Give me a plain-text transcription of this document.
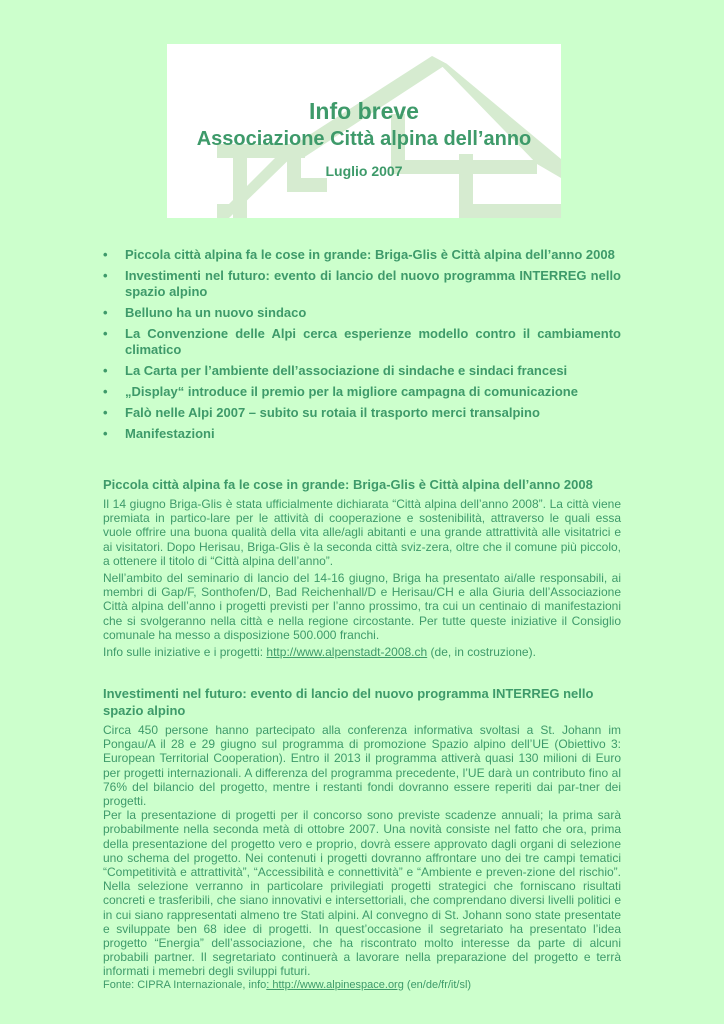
Info breve
Associazione Città alpina dell’anno
Luglio 2007
• Piccola città alpina fa le cose in grande: Briga-Glis è Città alpina dell’anno 2008
• Investimenti nel futuro: evento di lancio del nuovo programma INTERREG nello spazio alpino
• Belluno ha un nuovo sindaco
• La Convenzione delle Alpi cerca esperienze modello contro il cambiamento climatico
• La Carta per l’ambiente dell’associazione di sindache e sindaci francesi
• „Display“ introduce il premio per la migliore campagna di comunicazione
• Falò nelle Alpi 2007 – subito su rotaia il trasporto merci transalpino
• Manifestazioni
Piccola città alpina fa le cose in grande: Briga-Glis è Città alpina dell’anno 2008

Il 14 giugno Briga-Glis è stata ufficialmente dichiarata “Città alpina dell’anno 2008”. La città viene premiata in partico-lare per le attività di cooperazione e sostenibilità, attraverso le quali essa vuole offrire una buona qualità della vita alle/agli abitanti e una grande attrattività alle visitatrici e ai visitatori. Dopo Herisau, Briga-Glis è la seconda città sviz-zera, oltre che il comune più piccolo, a ottenere il titolo di “Città alpina dell’anno”.

Nell’ambito del seminario di lancio del 14-16 giugno, Briga ha presentato ai/alle responsabili, ai membri di Gap/F, Sonthofen/D, Bad Reichenhall/D e Herisau/CH e alla Giuria dell’Associazione Città alpina dell’anno i progetti previsti per l’anno prossimo, tra cui un centinaio di manifestazioni che si svolgeranno nella città e nella regione circostante. Per tutte queste iniziative il Consiglio comunale ha messo a disposizione 500.000 franchi.

Info sulle iniziative e i progetti: http://www.alpenstadt-2008.ch (de, in costruzione).

Investimenti nel futuro: evento di lancio del nuovo programma INTERREG nello spazio alpino

Circa 450 persone hanno partecipato alla conferenza informativa svoltasi a St. Johann im Pongau/A il 28 e 29 giugno sul programma di promozione Spazio alpino dell’UE (Obiettivo 3: European Territorial Cooperation). Entro il 2013 il programma attiverà quasi 130 milioni di Euro per progetti internazionali. A differenza del programma precedente, l’UE darà un contributo fino al 76% del bilancio del progetto, mentre i restanti fondi dovranno essere reperiti dai par-tner dei progetti.

Per la presentazione di progetti per il concorso sono previste scadenze annuali; la prima sarà probabilmente nella seconda metà di ottobre 2007. Una novità consiste nel fatto che ora, prima della presentazione del progetto vero e proprio, dovrà essere approvato dagli organi di selezione uno schema del progetto. Nei contenuti i progetti dovranno affrontare uno dei tre campi tematici “Competitività e attrattività”, “Accessibilità e connettività” e “Ambiente e preven-zione del rischio”. Nella selezione verranno in particolare privilegiati progetti strategici che forniscano risultati concreti e trasferibili, che siano innovativi e intersettoriali, che comprendano diversi livelli politici e in cui siano rappresentati almeno tre Stati alpini. Al convegno di St. Johann sono state presentate e sviluppate ben 68 idee di progetti. In quest’occasione il segretariato ha presentato l’idea progetto “Energia” dell’associazione, che ha riscontrato molto interesse da parte di alcuni probabili partner. Il segretariato continuerà a lavorare nella preparazione del progetto e terrà informati i memebri degli sviluppi futuri.

Fonte: CIPRA Internazionale, info: http://www.alpinespace.org (en/de/fr/it/sl)
